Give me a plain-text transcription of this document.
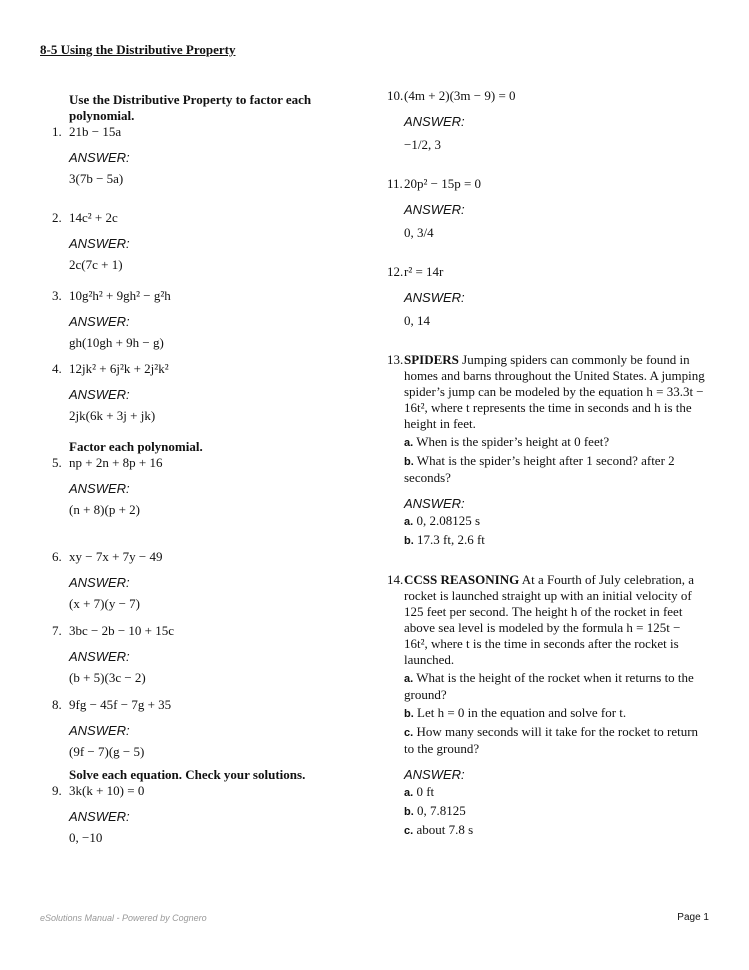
8-5 Using the Distributive Property
Use the Distributive Property to factor each polynomial.
1. 21b − 15a
ANSWER:
3(7b − 5a)
2. 14c² + 2c
ANSWER:
2c(7c + 1)
3. 10g²h² + 9gh² − g²h
ANSWER:
gh(10gh + 9h − g)
4. 12jk² + 6j²k + 2j²k²
ANSWER:
2jk(6k + 3j + jk)
Factor each polynomial.
5. np + 2n + 8p + 16
ANSWER:
(n + 8)(p + 2)
6. xy − 7x + 7y − 49
ANSWER:
(x + 7)(y − 7)
7. 3bc − 2b − 10 + 15c
ANSWER:
(b + 5)(3c − 2)
8. 9fg − 45f − 7g + 35
ANSWER:
(9f − 7)(g − 5)
Solve each equation. Check your solutions.
9. 3k(k + 10) = 0
ANSWER:
0, −10
10. (4m + 2)(3m − 9) = 0
ANSWER:
−1/2, 3
11. 20p² − 15p = 0
ANSWER:
0, 3/4
12. r² = 14r
ANSWER:
0, 14
13. SPIDERS Jumping spiders can commonly be found in homes and barns throughout the United States. A jumping spider’s jump can be modeled by the equation h = 33.3t − 16t², where t represents the time in seconds and h is the height in feet.
a. When is the spider’s height at 0 feet?
b. What is the spider’s height after 1 second? after 2 seconds?
ANSWER:
a. 0, 2.08125 s
b. 17.3 ft, 2.6 ft
14. CCSS REASONING At a Fourth of July celebration, a rocket is launched straight up with an initial velocity of 125 feet per second. The height h of the rocket in feet above sea level is modeled by the formula h = 125t − 16t², where t is the time in seconds after the rocket is launched.
a. What is the height of the rocket when it returns to the ground?
b. Let h = 0 in the equation and solve for t.
c. How many seconds will it take for the rocket to return to the ground?
ANSWER:
a. 0 ft
b. 0, 7.8125
c. about 7.8 s
eSolutions Manual - Powered by Cognero	Page 1
